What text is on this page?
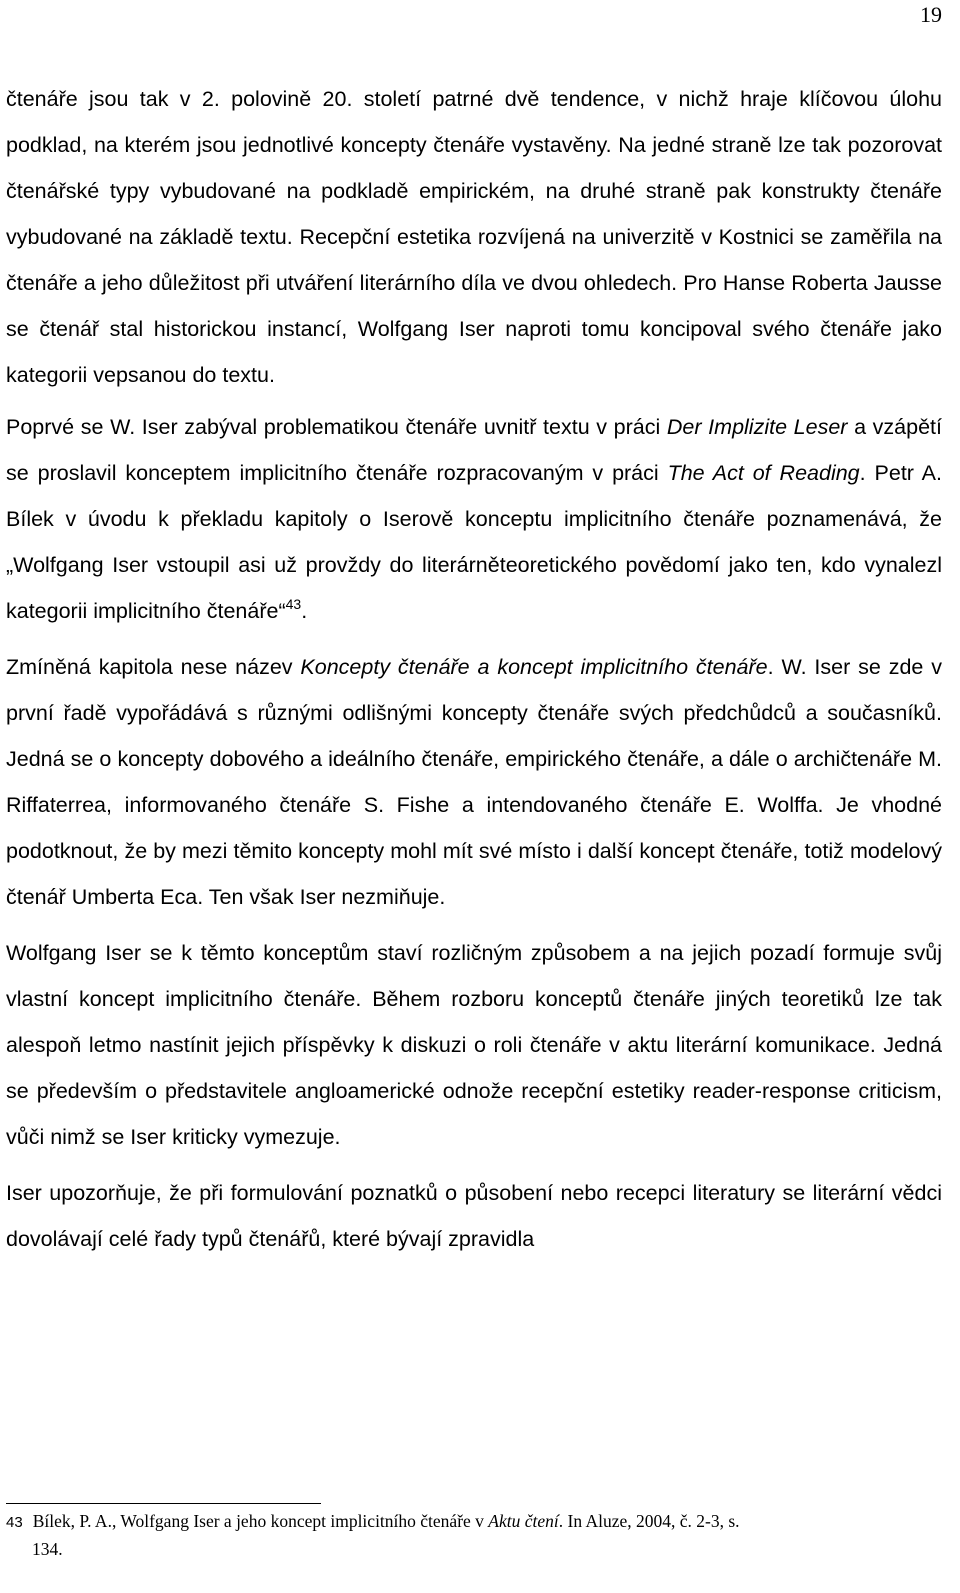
19

čtenáře jsou tak v 2. polovině 20. století patrné dvě tendence, v nichž hraje klíčovou úlohu podklad, na kterém jsou jednotlivé koncepty čtenáře vystavěny. Na jedné straně lze tak pozorovat čtenářské typy vybudované na podkladě empirickém, na druhé straně pak konstrukty čtenáře vybudované na základě textu. Recepční estetika rozvíjená na univerzitě v Kostnici se zaměřila na čtenáře a jeho důležitost při utváření literárního díla ve dvou ohledech. Pro Hanse Roberta Jausse se čtenář stal historickou instancí, Wolfgang Iser naproti tomu koncipoval svého čtenáře jako kategorii vepsanou do textu.

Poprvé se W. Iser zabýval problematikou čtenáře uvnitř textu v práci Der Implizite Leser a vzápětí se proslavil konceptem implicitního čtenáře rozpracovaným v práci The Act of Reading. Petr A. Bílek v úvodu k překladu kapitoly o Iserově konceptu implicitního čtenáře poznamenává, že „Wolfgang Iser vstoupil asi už provždy do literárněteoretického povědomí jako ten, kdo vynalezl kategorii implicitního čtenáře“$^{43}$.

Zmíněná kapitola nese název Koncepty čtenáře a koncept implicitního čtenáře. W. Iser se zde v první řadě vypořádává s různými odlišnými koncepty čtenáře svých předchůdců a současníků. Jedná se o koncepty dobového a ideálního čtenáře, empirického čtenáře, a dále o archičtenáře M. Riffaterrea, informovaného čtenáře S. Fishe a intendovaného čtenáře E. Wolffa. Je vhodné podotknout, že by mezi těmito koncepty mohl mít své místo i další koncept čtenáře, totiž modelový čtenář Umberta Eca. Ten však Iser nezmiňuje.

Wolfgang Iser se k těmto konceptům staví rozličným způsobem a na jejich pozadí formuje svůj vlastní koncept implicitního čtenáře. Během rozboru konceptů čtenáře jiných teoretiků lze tak alespoň letmo nastínit jejich příspěvky k diskuzi o roli čtenáře v aktu literární komunikace. Jedná se především o představitele angloamerické odnože recepční estetiky reader-response criticism, vůči nimž se Iser kriticky vymezuje.

Iser upozorňuje, že při formulování poznatků o působení nebo recepci literatury se literární vědci dovolávají celé řady typů čtenářů, které bývají zpravidla

43 Bílek, P. A., Wolfgang Iser a jeho koncept implicitního čtenáře v Aktu čtení. In Aluze, 2004, č. 2-3, s.
134.
